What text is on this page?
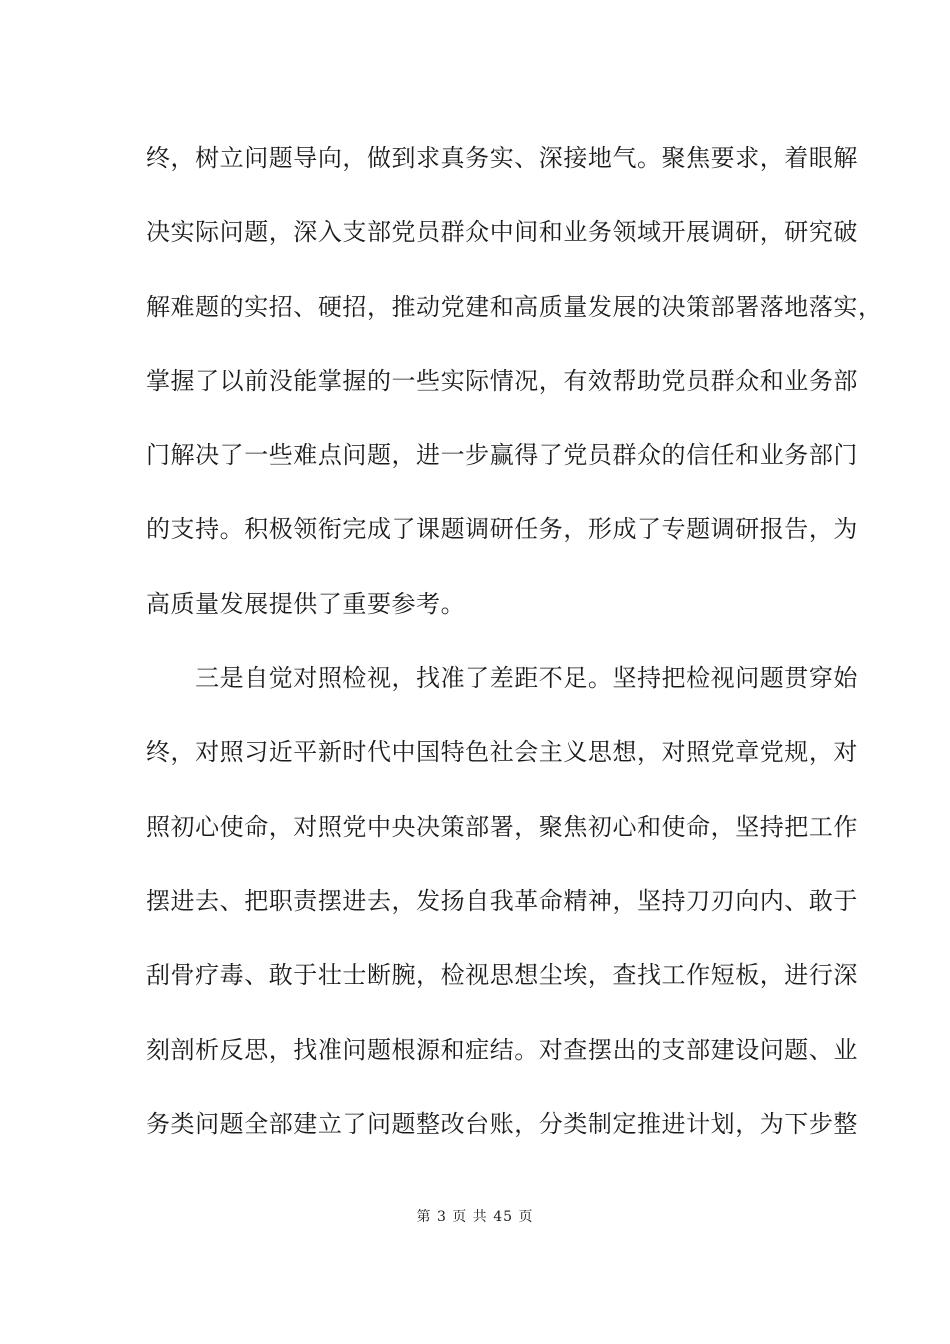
终，树立问题导向，做到求真务实、深接地气。聚焦要求，着眼解
决实际问题，深入支部党员群众中间和业务领域开展调研，研究破
解难题的实招、硬招，推动党建和高质量发展的决策部署落地落实，
掌握了以前没能掌握的一些实际情况，有效帮助党员群众和业务部
门解决了一些难点问题，进一步赢得了党员群众的信任和业务部门
的支持。积极领衔完成了课题调研任务，形成了专题调研报告，为
高质量发展提供了重要参考。
　　三是自觉对照检视，找准了差距不足。坚持把检视问题贯穿始
终，对照习近平新时代中国特色社会主义思想，对照党章党规，对
照初心使命，对照党中央决策部署，聚焦初心和使命，坚持把工作
摆进去、把职责摆进去，发扬自我革命精神，坚持刀刃向内、敢于
刮骨疗毒、敢于壮士断腕，检视思想尘埃，查找工作短板，进行深
刻剖析反思，找准问题根源和症结。对查摆出的支部建设问题、业
务类问题全部建立了问题整改台账，分类制定推进计划，为下步整
第 3 页 共 45 页
